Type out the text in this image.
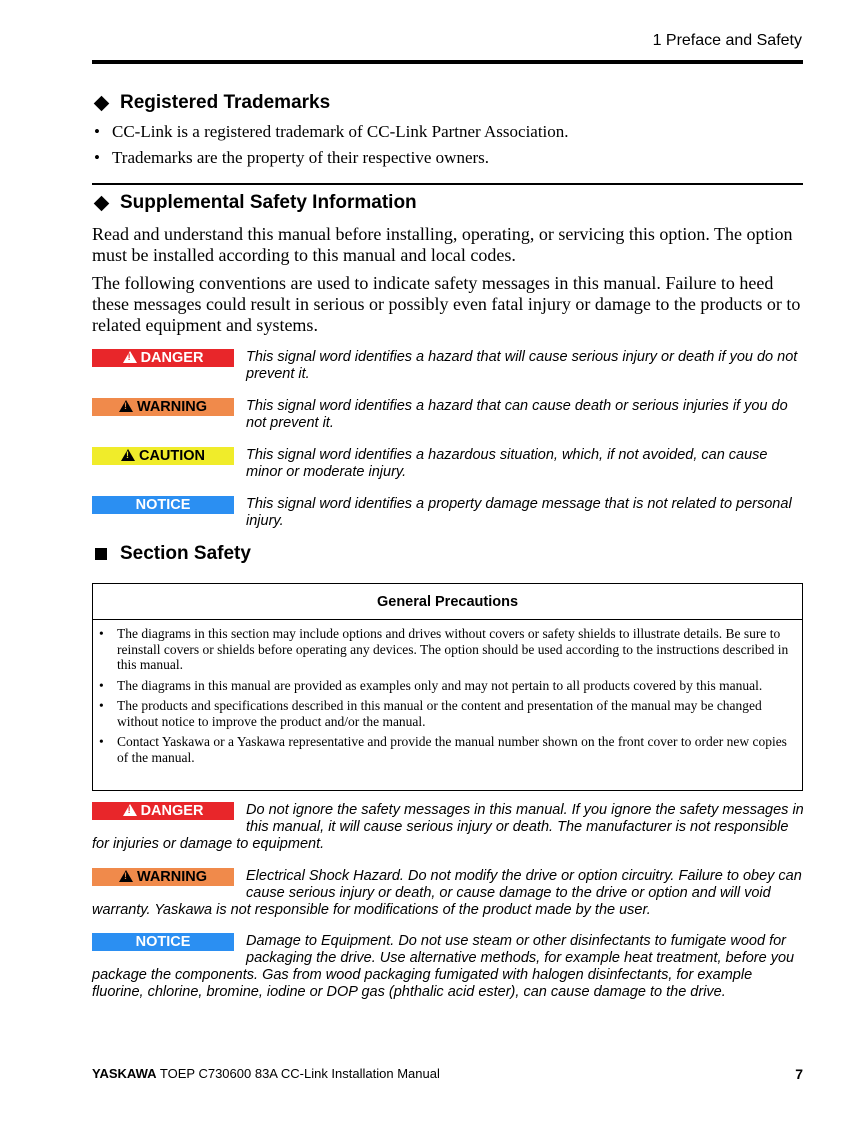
1 Preface and Safety
Registered Trademarks
• CC-Link is a registered trademark of CC-Link Partner Association.
• Trademarks are the property of their respective owners.
Supplemental Safety Information

Read and understand this manual before installing, operating, or servicing this option. The option must be installed according to this manual and local codes.

The following conventions are used to indicate safety messages in this manual. Failure to heed these messages could result in serious or possibly even fatal injury or damage to the products or to related equipment and systems.

!DANGER	This signal word identifies a hazard that will cause serious injury or death if you do not prevent it.
!WARNING	This signal word identifies a hazard that can cause death or serious injuries if you do not prevent it.
!CAUTION	This signal word identifies a hazardous situation, which, if not avoided, can cause minor or moderate injury.
NOTICE	This signal word identifies a property damage message that is not related to personal injury.
Section Safety
General Precautions
• The diagrams in this section may include options and drives without covers or safety shields to illustrate details. Be sure to reinstall covers or shields before operating any devices. The option should be used according to the instructions described in this manual.
• The diagrams in this manual are provided as examples only and may not pertain to all products covered by this manual.
• The products and specifications described in this manual or the content and presentation of the manual may be changed without notice to improve the product and/or the manual.
• Contact Yaskawa or a Yaskawa representative and provide the manual number shown on the front cover to order new copies of the manual.
!DANGER	Do not ignore the safety messages in this manual. If you ignore the safety messages in this manual, it will cause serious injury or death. The manufacturer is not responsible for injuries or damage to equipment.
!WARNING	Electrical Shock Hazard. Do not modify the drive or option circuitry. Failure to obey can cause serious injury or death, or cause damage to the drive or option and will void warranty. Yaskawa is not responsible for modifications of the product made by the user.
NOTICE	Damage to Equipment. Do not use steam or other disinfectants to fumigate wood for packaging the drive. Use alternative methods, for example heat treatment, before you package the components. Gas from wood packaging fumigated with halogen disinfectants, for example fluorine, chlorine, bromine, iodine or DOP gas (phthalic acid ester), can cause damage to the drive.
YASKAWA TOEP C730600 83A CC-Link Installation Manual	7
